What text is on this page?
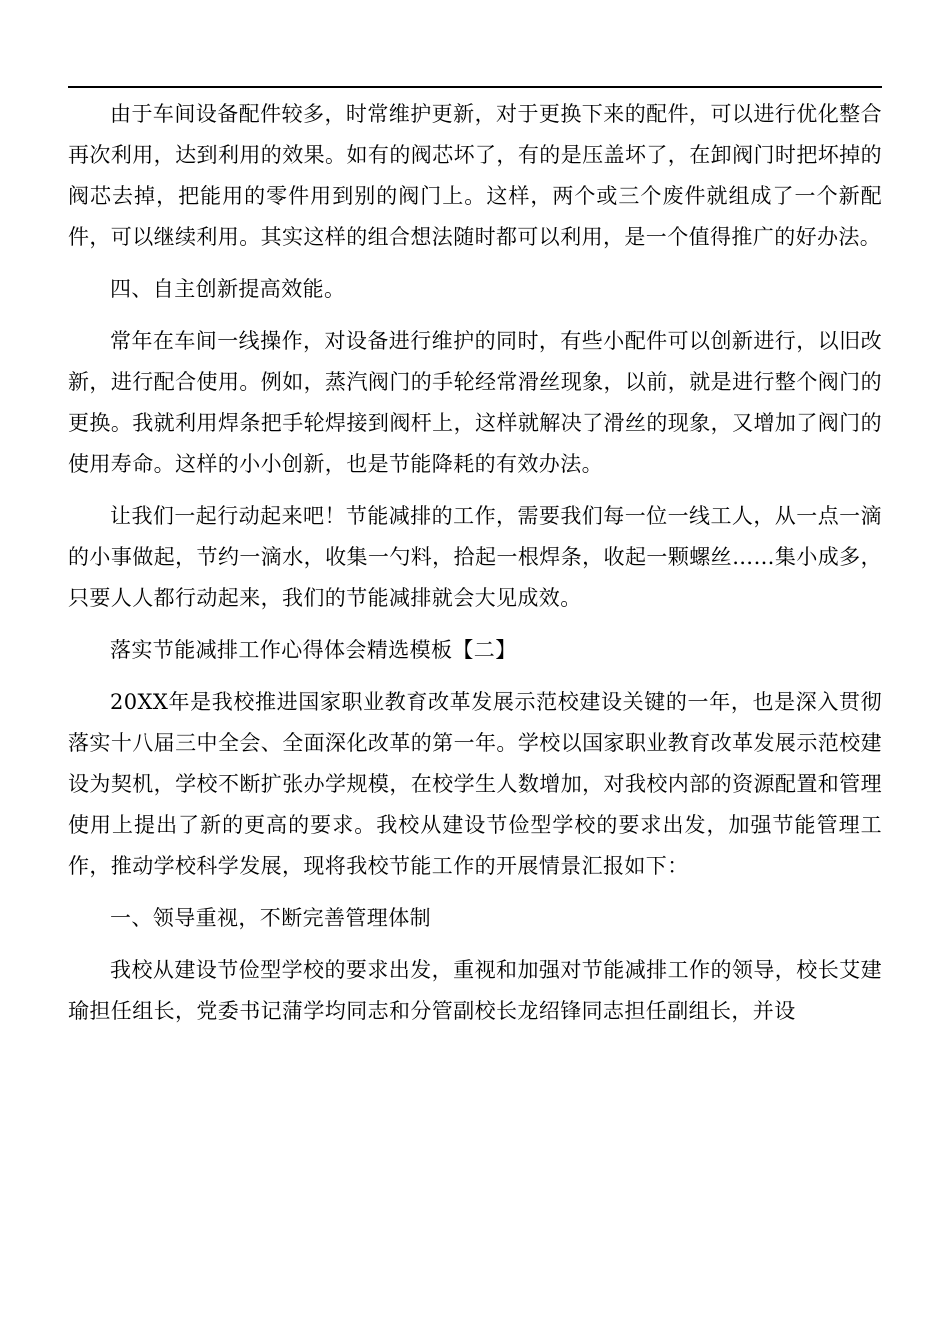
由于车间设备配件较多，时常维护更新，对于更换下来的配件，可以进行优化整合再次利用，达到利用的效果。如有的阀芯坏了，有的是压盖坏了，在卸阀门时把坏掉的阀芯去掉，把能用的零件用到别的阀门上。这样，两个或三个废件就组成了一个新配件，可以继续利用。其实这样的组合想法随时都可以利用，是一个值得推广的好办法。

四、自主创新提高效能。

常年在车间一线操作，对设备进行维护的同时，有些小配件可以创新进行，以旧改新，进行配合使用。例如，蒸汽阀门的手轮经常滑丝现象，以前，就是进行整个阀门的更换。我就利用焊条把手轮焊接到阀杆上，这样就解决了滑丝的现象，又增加了阀门的使用寿命。这样的小小创新，也是节能降耗的有效办法。

让我们一起行动起来吧！节能减排的工作，需要我们每一位一线工人，从一点一滴的小事做起，节约一滴水，收集一勺料，拾起一根焊条，收起一颗螺丝……集小成多，只要人人都行动起来，我们的节能减排就会大见成效。

落实节能减排工作心得体会精选模板【二】

20XX年是我校推进国家职业教育改革发展示范校建设关键的一年，也是深入贯彻落实十八届三中全会、全面深化改革的第一年。学校以国家职业教育改革发展示范校建设为契机，学校不断扩张办学规模，在校学生人数增加，对我校内部的资源配置和管理使用上提出了新的更高的要求。我校从建设节俭型学校的要求出发，加强节能管理工作，推动学校科学发展，现将我校节能工作的开展情景汇报如下：

一、领导重视，不断完善管理体制

我校从建设节俭型学校的要求出发，重视和加强对节能减排工作的领导，校长艾建瑜担任组长，党委书记蒲学均同志和分管副校长龙绍锋同志担任副组长，并设
